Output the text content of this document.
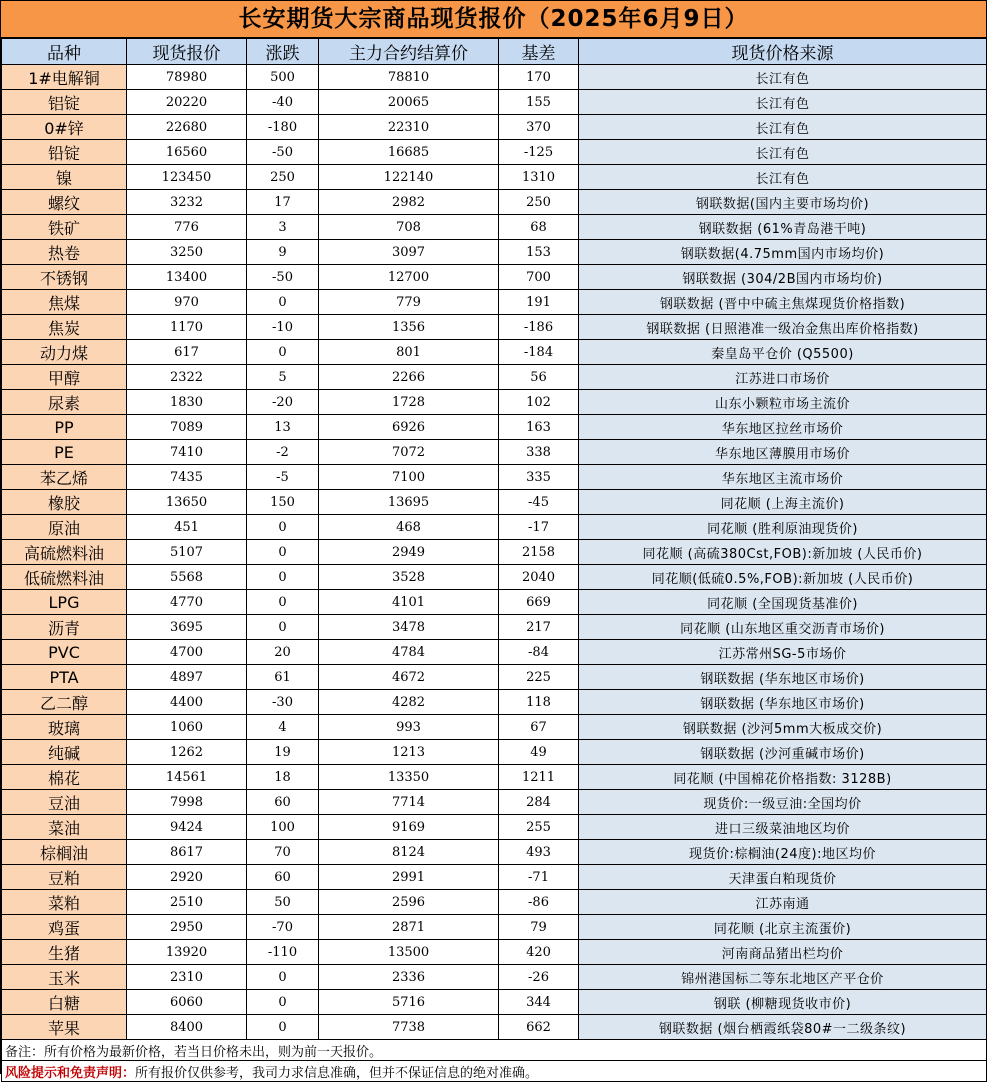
长安期货大宗商品现货报价（2025年6月9日）
品种	现货报价	涨跌	主力合约结算价	基差	现货价格来源
1#电解铜	78980	500	78810	170	长江有色
铝锭	20220	-40	20065	155	长江有色
0#锌	22680	-180	22310	370	长江有色
铅锭	16560	-50	16685	-125	长江有色
镍	123450	250	122140	1310	长江有色
螺纹	3232	17	2982	250	钢联数据(国内主要市场均价)
铁矿	776	3	708	68	钢联数据 (61%青岛港干吨)
热卷	3250	9	3097	153	钢联数据(4.75mm国内市场均价)
不锈钢	13400	-50	12700	700	钢联数据 (304/2B国内市场均价)
焦煤	970	0	779	191	钢联数据 (晋中中硫主焦煤现货价格指数)
焦炭	1170	-10	1356	-186	钢联数据 (日照港准一级冶金焦出库价格指数)
动力煤	617	0	801	-184	秦皇岛平仓价 (Q5500)
甲醇	2322	5	2266	56	江苏进口市场价
尿素	1830	-20	1728	102	山东小颗粒市场主流价
PP	7089	13	6926	163	华东地区拉丝市场价
PE	7410	-2	7072	338	华东地区薄膜用市场价
苯乙烯	7435	-5	7100	335	华东地区主流市场价
橡胶	13650	150	13695	-45	同花顺 (上海主流价)
原油	451	0	468	-17	同花顺 (胜利原油现货价)
高硫燃料油	5107	0	2949	2158	同花顺 (高硫380Cst,FOB):新加坡 (人民币价)
低硫燃料油	5568	0	3528	2040	同花顺(低硫0.5%,FOB):新加坡 (人民币价)
LPG	4770	0	4101	669	同花顺 (全国现货基准价)
沥青	3695	0	3478	217	同花顺 (山东地区重交沥青市场价)
PVC	4700	20	4784	-84	江苏常州SG-5市场价
PTA	4897	61	4672	225	钢联数据 (华东地区市场价)
乙二醇	4400	-30	4282	118	钢联数据 (华东地区市场价)
玻璃	1060	4	993	67	钢联数据 (沙河5mm大板成交价)
纯碱	1262	19	1213	49	钢联数据 (沙河重碱市场价)
棉花	14561	18	13350	1211	同花顺 (中国棉花价格指数: 3128B)
豆油	7998	60	7714	284	现货价:一级豆油:全国均价
菜油	9424	100	9169	255	进口三级菜油地区均价
棕榈油	8617	70	8124	493	现货价:棕榈油(24度):地区均价
豆粕	2920	60	2991	-71	天津蛋白粕现货价
菜粕	2510	50	2596	-86	江苏南通
鸡蛋	2950	-70	2871	79	同花顺 (北京主流蛋价)
生猪	13920	-110	13500	420	河南商品猪出栏均价
玉米	2310	0	2336	-26	锦州港国标二等东北地区产平仓价
白糖	6060	0	5716	344	钢联 (柳糖现货收市价)
苹果	8400	0	7738	662	钢联数据 (烟台栖霞纸袋80#一二级条纹)
备注：所有价格为最新价格，若当日价格未出，则为前一天报价。					
风险提示和免责声明：所有报价仅供参考，我司力求信息准确，但并不保证信息的绝对准确。					
